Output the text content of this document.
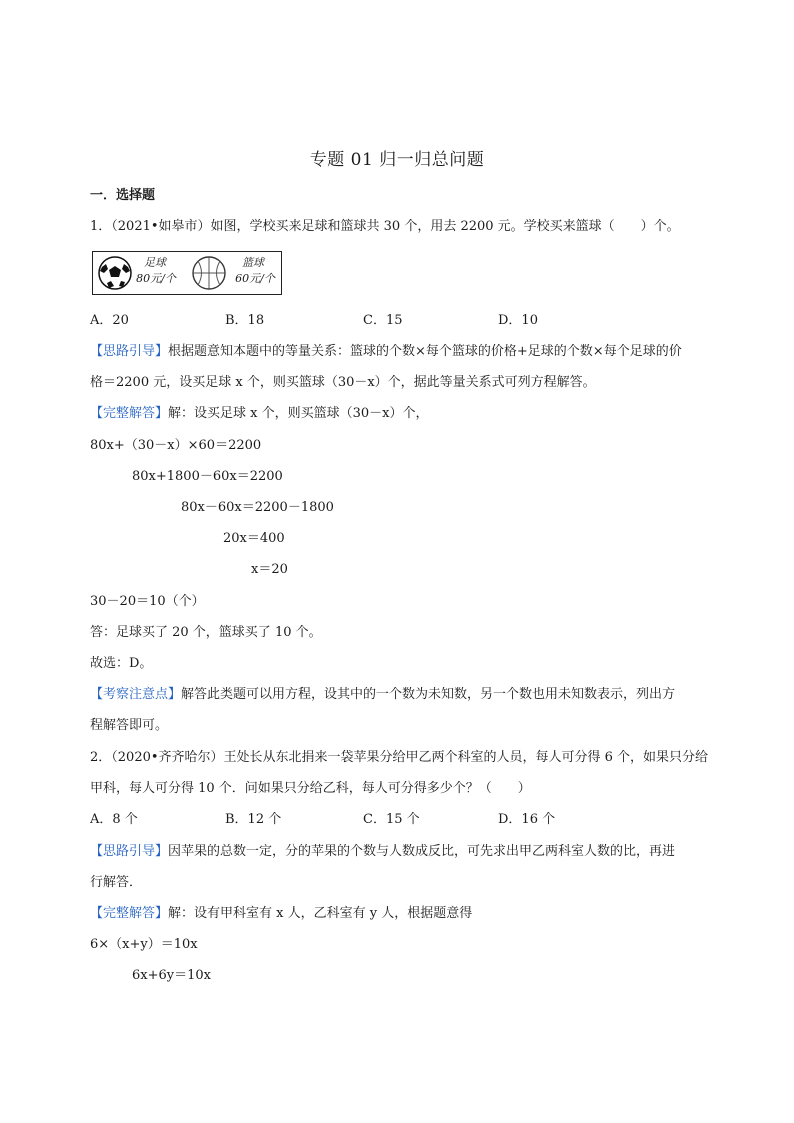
专题 01 归一归总问题
一．选择题
1．（2021•如皋市）如图，学校买来足球和篮球共 30 个，用去 2200 元。学校买来篮球（　　）个。
足球
80元/个
篮球
60元/个
A．20	B．18	C．15	D．10
【思路引导】根据题意知本题中的等量关系：篮球的个数×每个篮球的价格+足球的个数×每个足球的价
格＝2200 元，设买足球 x 个，则买篮球（30－x）个，据此等量关系式可列方程解答。
【完整解答】解：设买足球 x 个，则买篮球（30－x）个，
80x+（30－x）×60＝2200
80x+1800－60x＝2200
80x－60x＝2200－1800
20x＝400
x＝20
30－20＝10（个）
答：足球买了 20 个，篮球买了 10 个。
故选：D。
【考察注意点】解答此类题可以用方程，设其中的一个数为未知数，另一个数也用未知数表示，列出方
程解答即可。
2．（2020•齐齐哈尔）王处长从东北捐来一袋苹果分给甲乙两个科室的人员，每人可分得 6 个，如果只分给
甲科，每人可分得 10 个．问如果只分给乙科，每人可分得多少个？（　　）
A．8 个	B．12 个	C．15 个	D．16 个
【思路引导】因苹果的总数一定，分的苹果的个数与人数成反比，可先求出甲乙两科室人数的比，再进
行解答．
【完整解答】解：设有甲科室有 x 人，乙科室有 y 人，根据题意得
6×（x+y）＝10x
6x+6y＝10x
